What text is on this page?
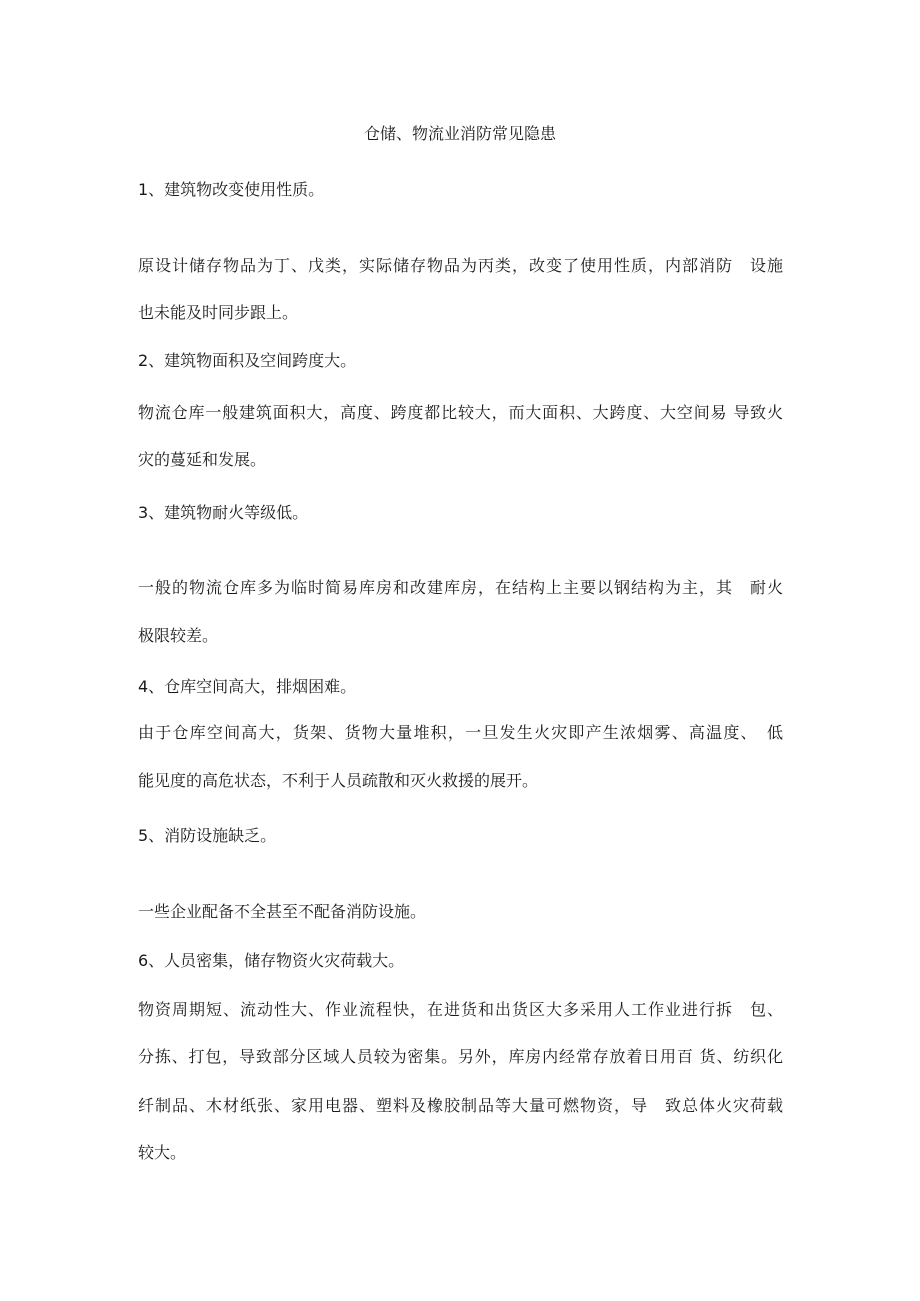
仓储、物流业消防常见隐患
1、建筑物改变使用性质。
原设计储存物品为丁、戊类，实际储存物品为丙类，改变了使用性质，内部消防　设施
也未能及时同步跟上。
2、建筑物面积及空间跨度大。
物流仓库一般建筑面积大，高度、跨度都比较大，而大面积、大跨度、大空间易 导致火
灾的蔓延和发展。
3、建筑物耐火等级低。
一般的物流仓库多为临时简易库房和改建库房，在结构上主要以钢结构为主，其　耐火
极限较差。
4、仓库空间高大，排烟困难。
由于仓库空间高大，货架、货物大量堆积，一旦发生火灾即产生浓烟雾、高温度、　低
能见度的高危状态，不利于人员疏散和灭火救援的展开。
5、消防设施缺乏。
一些企业配备不全甚至不配备消防设施。
6、人员密集，储存物资火灾荷载大。
物资周期短、流动性大、作业流程快，在进货和出货区大多采用人工作业进行拆　包、
分拣、打包，导致部分区域人员较为密集。另外，库房内经常存放着日用百 货、纺织化
纤制品、木材纸张、家用电器、塑料及橡胶制品等大量可燃物资，导　致总体火灾荷载
较大。
